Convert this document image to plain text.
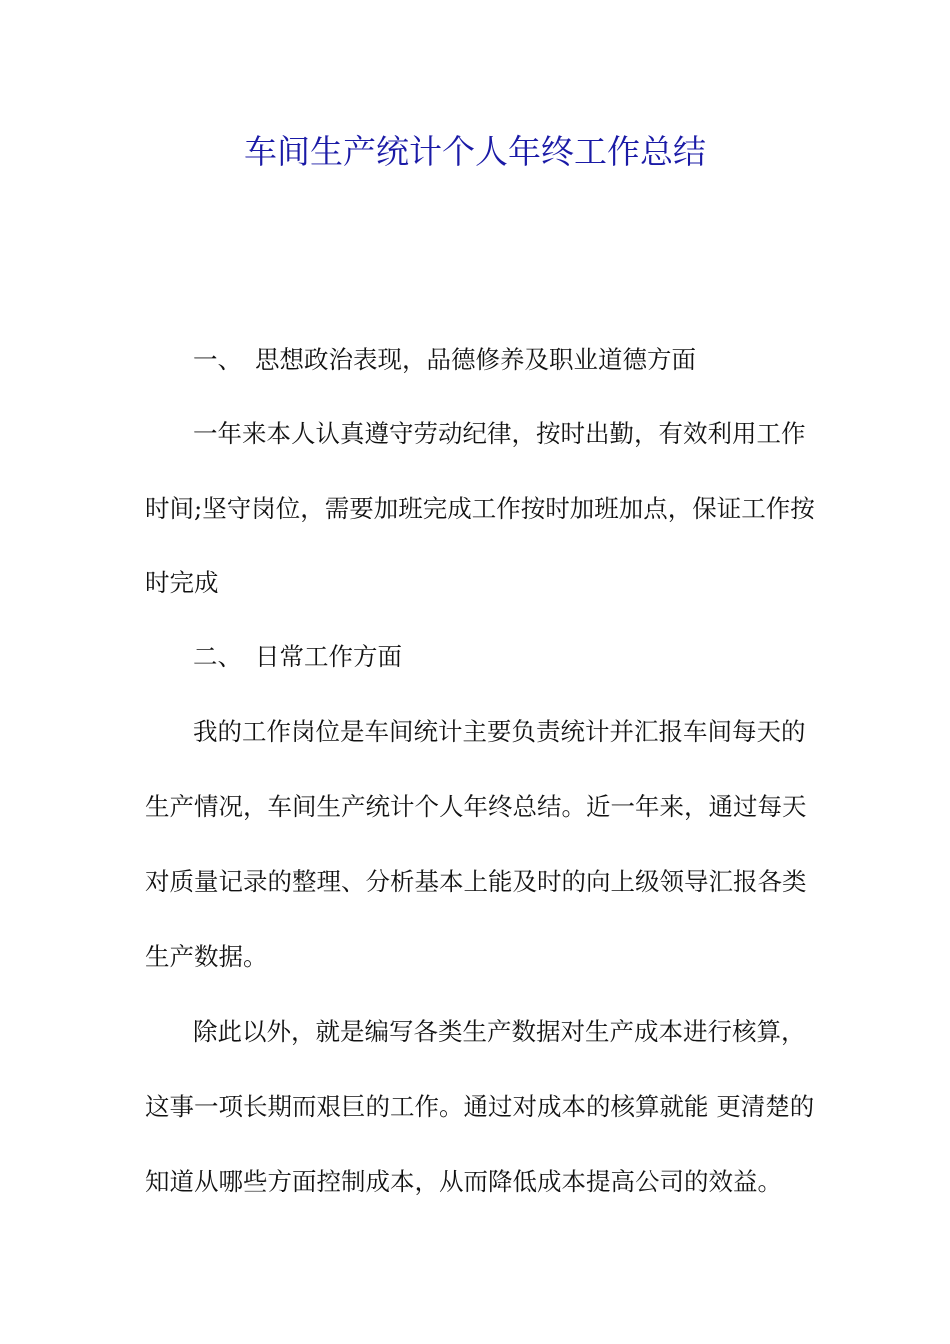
车间生产统计个人年终工作总结

一、 思想政治表现，品德修养及职业道德方面

一年来本人认真遵守劳动纪律，按时出勤，有效利用工作

时间;坚守岗位，需要加班完成工作按时加班加点，保证工作按

时完成

二、 日常工作方面

我的工作岗位是车间统计主要负责统计并汇报车间每天的

生产情况，车间生产统计个人年终总结。近一年来，通过每天

对质量记录的整理、分析基本上能及时的向上级领导汇报各类

生产数据。

除此以外，就是编写各类生产数据对生产成本进行核算，

这事一项长期而艰巨的工作。通过对成本的核算就能 更清楚的

知道从哪些方面控制成本，从而降低成本提高公司的效益。
